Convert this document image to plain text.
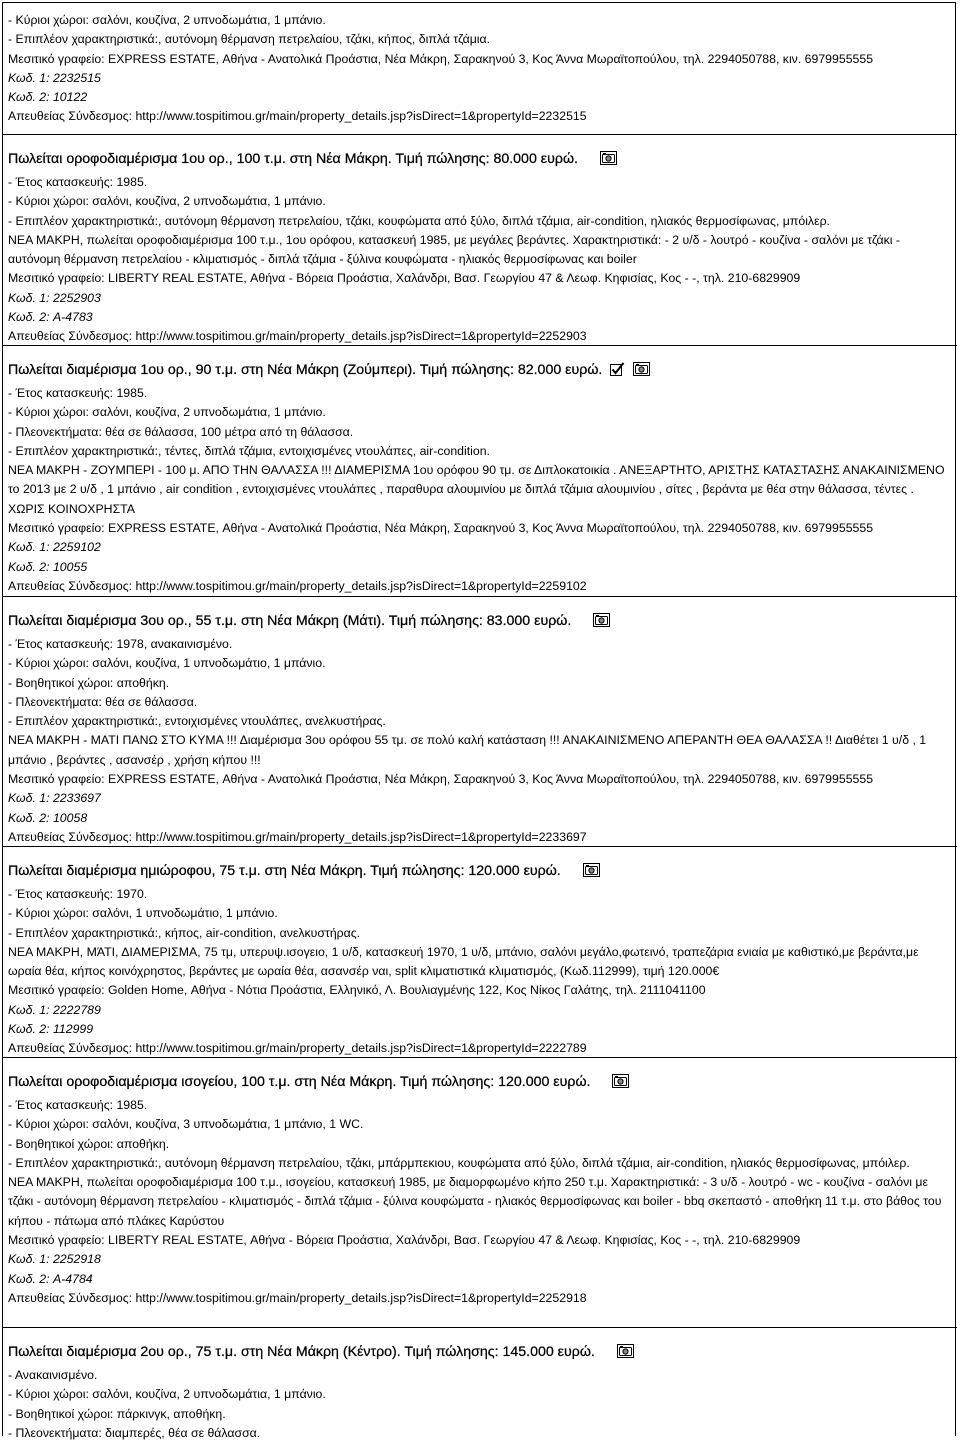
- Κύριοι χώροι: σαλόνι, κουζίνα, 2 υπνοδωμάτια, 1 μπάνιο.
- Επιπλέον χαρακτηριστικά:, αυτόνομη θέρμανση πετρελαίου, τζάκι, κήπος, διπλά τζάμια.
Μεσιτικό γραφείο: EXPRESS ESTATE, Αθήνα - Ανατολικά Προάστια, Νέα Μάκρη, Σαρακηνού 3, Κος Άννα Μωραϊτοπούλου, τηλ. 2294050788, κιν. 6979955555
Κωδ. 1: 2232515
Κωδ. 2: 10122
Απευθείας Σύνδεσμος: http://www.tospitimou.gr/main/property_details.jsp?isDirect=1&propertyId=2232515
Πωλείται οροφοδιαμέρισμα 1ου ορ., 100 τ.μ. στη Νέα Μάκρη. Τιμή πώλησης: 80.000 ευρώ.
- Έτος κατασκευής: 1985.
- Κύριοι χώροι: σαλόνι, κουζίνα, 2 υπνοδωμάτια, 1 μπάνιο.
- Επιπλέον χαρακτηριστικά:, αυτόνομη θέρμανση πετρελαίου, τζάκι, κουφώματα από ξύλο, διπλά τζάμια, air-condition, ηλιακός θερμοσίφωνας, μπόιλερ.
ΝΕΑ ΜΑΚΡΗ, πωλείται οροφοδιαμέρισμα 100 τ.μ., 1ου ορόφου, κατασκευή 1985, με μεγάλες βεράντες. Χαρακτηριστικά: - 2 υ/δ - λουτρό - κουζίνα - σαλόνι με τζάκι - αυτόνομη θέρμανση πετρελαίου - κλιματισμός - διπλά τζάμια - ξύλινα κουφώματα - ηλιακός θερμοσίφωνας και boiler
Μεσιτικό γραφείο: LIBERTY REAL ESTATE, Αθήνα - Βόρεια Προάστια, Χαλάνδρι, Βασ. Γεωργίου 47 & Λεωφ. Κηφισίας, Κος - -, τηλ. 210-6829909
Κωδ. 1: 2252903
Κωδ. 2: A-4783
Απευθείας Σύνδεσμος: http://www.tospitimou.gr/main/property_details.jsp?isDirect=1&propertyId=2252903
Πωλείται διαμέρισμα 1ου ορ., 90 τ.μ. στη Νέα Μάκρη (Ζούμπερι). Τιμή πώλησης: 82.000 ευρώ.
- Έτος κατασκευής: 1985.
- Κύριοι χώροι: σαλόνι, κουζίνα, 2 υπνοδωμάτια, 1 μπάνιο.
- Πλεονεκτήματα: θέα σε θάλασσα, 100 μέτρα από τη θάλασσα.
- Επιπλέον χαρακτηριστικά:, τέντες, διπλά τζάμια, εντοιχισμένες ντουλάπες, air-condition.
ΝΕΑ ΜΑΚΡΗ - ΖΟΥΜΠΕΡΙ - 100 μ. ΑΠΟ ΤΗΝ ΘΑΛΑΣΣΑ !!! ΔΙΑΜΕΡΙΣΜΑ 1ου ορόφου 90 τμ. σε Διπλοκατοικία . ΑΝΕΞΑΡΤΗΤΟ, ΑΡΙΣΤΗΣ ΚΑΤΑΣΤΑΣΗΣ ΑΝΑΚΑΙΝΙΣΜΕΝΟ το 2013 με 2 υ/δ , 1 μπάνιο , air condition , εντοιχισμένες ντουλάπες , παραθυρα αλουμινίου με διπλά τζάμια αλουμινίου , σίτες , βεράντα με θέα στην θάλασσα, τέντες . ΧΩΡΙΣ ΚΟΙΝΟΧΡΗΣΤΑ
Μεσιτικό γραφείο: EXPRESS ESTATE, Αθήνα - Ανατολικά Προάστια, Νέα Μάκρη, Σαρακηνού 3, Κος Άννα Μωραϊτοπούλου, τηλ. 2294050788, κιν. 6979955555
Κωδ. 1: 2259102
Κωδ. 2: 10055
Απευθείας Σύνδεσμος: http://www.tospitimou.gr/main/property_details.jsp?isDirect=1&propertyId=2259102
Πωλείται διαμέρισμα 3ου ορ., 55 τ.μ. στη Νέα Μάκρη (Μάτι). Τιμή πώλησης: 83.000 ευρώ.
- Έτος κατασκευής: 1978, ανακαινισμένο.
- Κύριοι χώροι: σαλόνι, κουζίνα, 1 υπνοδωμάτιο, 1 μπάνιο.
- Βοηθητικοί χώροι: αποθήκη.
- Πλεονεκτήματα: θέα σε θάλασσα.
- Επιπλέον χαρακτηριστικά:, εντοιχισμένες ντουλάπες, ανελκυστήρας.
ΝΕΑ ΜΑΚΡΗ - ΜΑΤΙ ΠΑΝΩ ΣΤΟ ΚΥΜΑ !!! Διαμέρισμα 3ου ορόφου 55 τμ. σε πολύ καλή κατάσταση !!! ΑΝΑΚΑΙΝΙΣΜΕΝΟ ΑΠΕΡΑΝΤΗ ΘΕΑ ΘΑΛΑΣΣΑ !! Διαθέτει 1 υ/δ , 1 μπάνιο , βεράντες , ασανσέρ , χρήση κήπου !!!
Μεσιτικό γραφείο: EXPRESS ESTATE, Αθήνα - Ανατολικά Προάστια, Νέα Μάκρη, Σαρακηνού 3, Κος Άννα Μωραϊτοπούλου, τηλ. 2294050788, κιν. 6979955555
Κωδ. 1: 2233697
Κωδ. 2: 10058
Απευθείας Σύνδεσμος: http://www.tospitimou.gr/main/property_details.jsp?isDirect=1&propertyId=2233697
Πωλείται διαμέρισμα ημιώροφου, 75 τ.μ. στη Νέα Μάκρη. Τιμή πώλησης: 120.000 ευρώ.
- Έτος κατασκευής: 1970.
- Κύριοι χώροι: σαλόνι, 1 υπνοδωμάτιο, 1 μπάνιο.
- Επιπλέον χαρακτηριστικά:, κήπος, air-condition, ανελκυστήρας.
ΝΕΑ ΜΑΚΡΗ, ΜΆΤΙ, ΔΙΑΜΕΡΙΣΜΑ, 75 τμ, υπερυψ.ισογειο, 1 υ/δ, κατασκευή 1970, 1 υ/δ, μπάνιο, σαλόνι μεγάλο,φωτεινό, τραπεζάρια ενιαία με καθιστικό,με βεράντα,με ωραία θέα, κήπος κοινόχρηστος, βεράντες με ωραία θέα, ασανσέρ ναι, split κλιματιστικά κλιματισμός, (Κωδ.112999), τιμή 120.000€
Μεσιτικό γραφείο: Golden Home, Αθήνα - Νότια Προάστια, Ελληνικό, Λ. Βουλιαγμένης 122, Κος Νίκος Γαλάτης, τηλ. 2111041100
Κωδ. 1: 2222789
Κωδ. 2: 112999
Απευθείας Σύνδεσμος: http://www.tospitimou.gr/main/property_details.jsp?isDirect=1&propertyId=2222789
Πωλείται οροφοδιαμέρισμα ισογείου, 100 τ.μ. στη Νέα Μάκρη. Τιμή πώλησης: 120.000 ευρώ.
- Έτος κατασκευής: 1985.
- Κύριοι χώροι: σαλόνι, κουζίνα, 3 υπνοδωμάτια, 1 μπάνιο, 1 WC.
- Βοηθητικοί χώροι: αποθήκη.
- Επιπλέον χαρακτηριστικά:, αυτόνομη θέρμανση πετρελαίου, τζάκι, μπάρμπεκιου, κουφώματα από ξύλο, διπλά τζάμια, air-condition, ηλιακός θερμοσίφωνας, μπόιλερ.
ΝΕΑ ΜΑΚΡΗ, πωλείται οροφοδιαμέρισμα 100 τ.μ., ισογείου, κατασκευή 1985, με διαμορφωμένο κήπο 250 τ.μ. Χαρακτηριστικά: - 3 υ/δ - λουτρό - wc - κουζίνα - σαλόνι με τζάκι - αυτόνομη θέρμανση πετρελαίου - κλιματισμός - διπλά τζάμια - ξύλινα κουφώματα - ηλιακός θερμοσίφωνας και boiler - bbq σκεπαστό - αποθήκη 11 τ.μ. στο βάθος του κήπου - πάτωμα από πλάκες Καρύστου
Μεσιτικό γραφείο: LIBERTY REAL ESTATE, Αθήνα - Βόρεια Προάστια, Χαλάνδρι, Βασ. Γεωργίου 47 & Λεωφ. Κηφισίας, Κος - -, τηλ. 210-6829909
Κωδ. 1: 2252918
Κωδ. 2: A-4784
Απευθείας Σύνδεσμος: http://www.tospitimou.gr/main/property_details.jsp?isDirect=1&propertyId=2252918
Πωλείται διαμέρισμα 2ου ορ., 75 τ.μ. στη Νέα Μάκρη (Κέντρο). Τιμή πώλησης: 145.000 ευρώ.
- Ανακαινισμένο.
- Κύριοι χώροι: σαλόνι, κουζίνα, 2 υπνοδωμάτια, 1 μπάνιο.
- Βοηθητικοί χώροι: πάρκινγκ, αποθήκη.
- Πλεονεκτήματα: διαμπερές, θέα σε θάλασσα.
